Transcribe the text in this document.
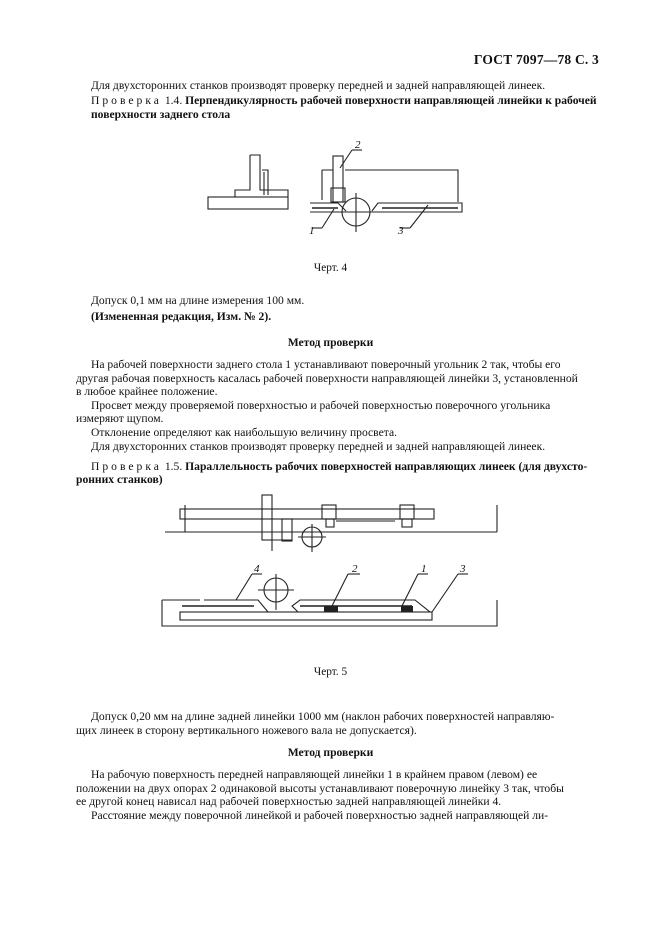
ГОСТ 7097—78 С. 3
Для двухсторонних станков производят проверку передней и задней направляющей линеек.
Проверка 1.4. Перпендикулярность рабочей поверхности направляющей линейки к рабочей
поверхности заднего стола
2
1	3
4	2	1	3
Черт. 4
Допуск 0,1 мм на длине измерения 100 мм.
(Измененная редакция, Изм. № 2).
Метод проверки
На рабочей поверхности заднего стола 1 устанавливают поверочный угольник 2 так, чтобы его
другая рабочая поверхность касалась рабочей поверхности направляющей линейки 3, установленной
в любое крайнее положение.
Просвет между проверяемой поверхностью и рабочей поверхностью поверочного угольника
измеряют щупом.
Отклонение определяют как наибольшую величину просвета.
Для двухсторонних станков производят проверку передней и задней направляющей линеек.
Проверка 1.5. Параллельность рабочих поверхностей направляющих линеек (для двухсто-
ронних станков)
Черт. 5
Допуск 0,20 мм на длине задней линейки 1000 мм (наклон рабочих поверхностей направляю-
щих линеек в сторону вертикального ножевого вала не допускается).
Метод проверки
На рабочую поверхность передней направляющей линейки 1 в крайнем правом (левом) ее
положении на двух опорах 2 одинаковой высоты устанавливают поверочную линейку 3 так, чтобы
ее другой конец нависал над рабочей поверхностью задней направляющей линейки 4.
Расстояние между поверочной линейкой и рабочей поверхностью задней направляющей ли-
